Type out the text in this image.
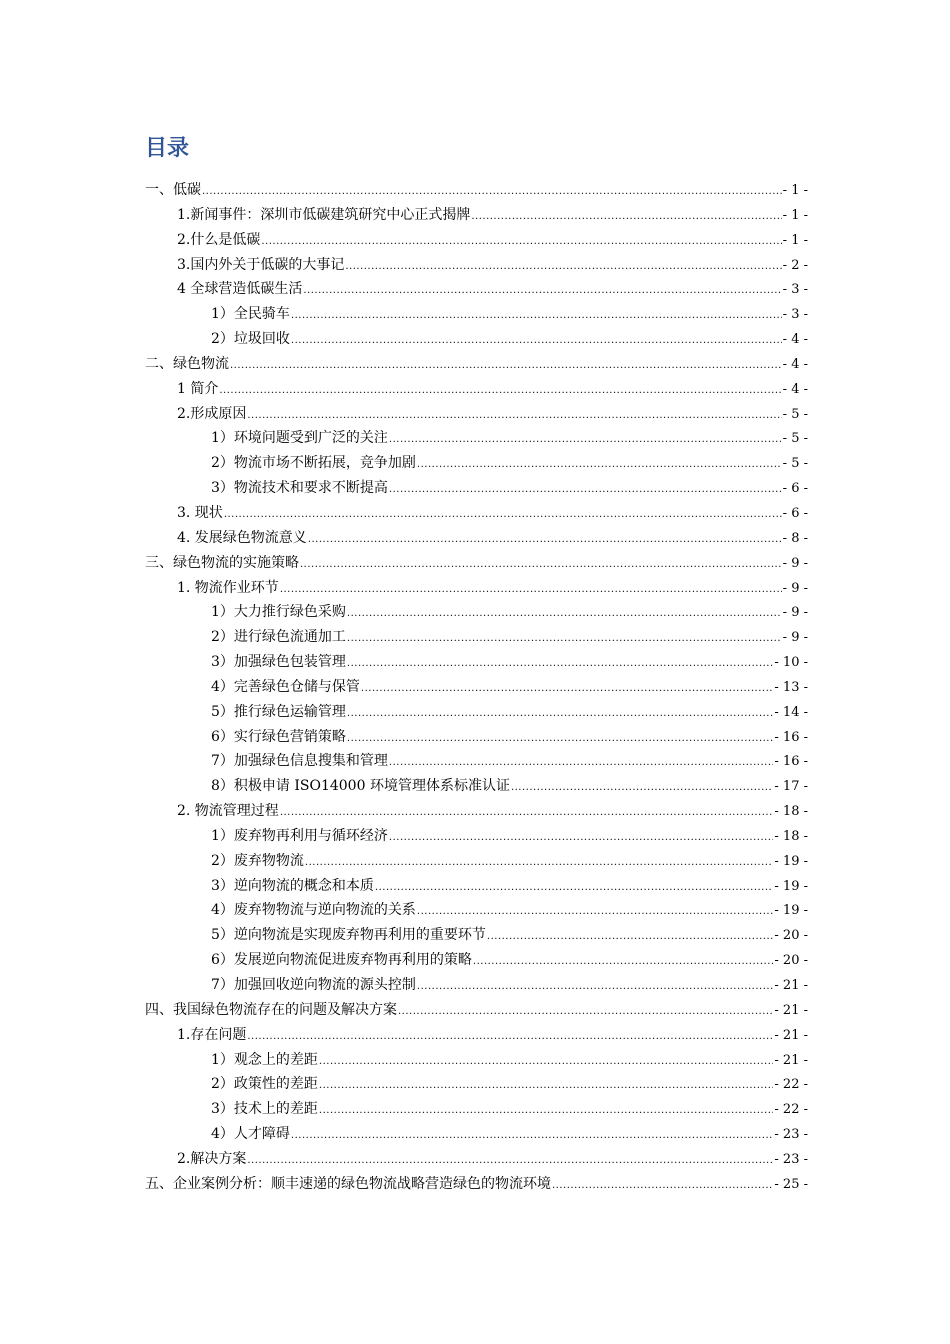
目录
一、低碳 .....	- 1 -
1.新闻事件：深圳市低碳建筑研究中心正式揭牌 .....	- 1 -
2.什么是低碳 .....	- 1 -
3.国内外关于低碳的大事记 .....	- 2 -
4 全球营造低碳生活 .....	- 3 -
1）全民骑车 .....	- 3 -
2）垃圾回收 .....	- 4 -
二、绿色物流 .....	- 4 -
1 简介 .....	- 4 -
2.形成原因 .....	- 5 -
1）环境问题受到广泛的关注 .....	- 5 -
2）物流市场不断拓展，竞争加剧 .....	- 5 -
3）物流技术和要求不断提高 .....	- 6 -
3. 现状 .....	- 6 -
4. 发展绿色物流意义 .....	- 8 -
三、绿色物流的实施策略 .....	- 9 -
1. 物流作业环节 .....	- 9 -
1）大力推行绿色采购 .....	- 9 -
2）进行绿色流通加工 .....	- 9 -
3）加强绿色包装管理 .....	- 10 -
4）完善绿色仓储与保管 .....	- 13 -
5）推行绿色运输管理 .....	- 14 -
6）实行绿色营销策略 .....	- 16 -
7）加强绿色信息搜集和管理 .....	- 16 -
8）积极申请 ISO14000 环境管理体系标准认证 .....	- 17 -
2. 物流管理过程 .....	- 18 -
1）废弃物再利用与循环经济 .....	- 18 -
2）废弃物物流 .....	- 19 -
3）逆向物流的概念和本质 .....	- 19 -
4）废弃物物流与逆向物流的关系 .....	- 19 -
5）逆向物流是实现废弃物再利用的重要环节 .....	- 20 -
6）发展逆向物流促进废弃物再利用的策略 .....	- 20 -
7）加强回收逆向物流的源头控制 .....	- 21 -
四、我国绿色物流存在的问题及解决方案 .....	- 21 -
1.存在问题 .....	- 21 -
1）观念上的差距 .....	- 21 -
2）政策性的差距 .....	- 22 -
3）技术上的差距 .....	- 22 -
4）人才障碍 .....	- 23 -
2.解决方案 .....	- 23 -
五、企业案例分析：顺丰速递的绿色物流战略营造绿色的物流环境 .....	- 25 -
